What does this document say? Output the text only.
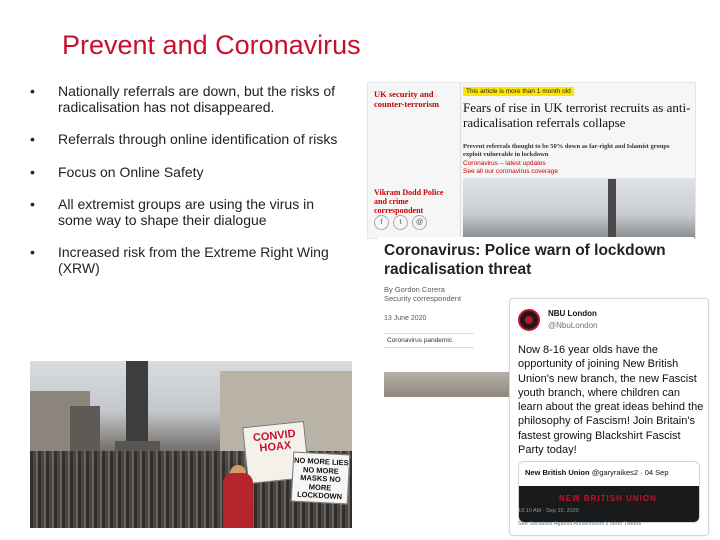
Prevent and Coronavirus
• Nationally referrals are down, but the risks of radicalisation has not disappeared.
• Referrals through online identification of risks
• Focus on Online Safety
• All extremist groups are using the virus in some way to shape their dialogue
• Increased risk from the Extreme Right Wing (XRW)
UK security and counter-terrorism
Vikram Dodd Police and crime correspondent
f	t	@
This article is more than 1 month old
Fears of rise in UK terrorist recruits as anti-radicalisation referrals collapse
Prevent referrals thought to be 50% down as far-right and Islamist groups exploit vulnerable in lockdown
Coronavirus – latest updates
See all our coronavirus coverage
Coronavirus: Police warn of lockdown radicalisation threat
By Gordon Corera
Security correspondent
13 June 2020
Coronavirus pandemic
NBU London
@NbuLondon
Now 8-16 year olds have the opportunity of joining New British Union's new branch, the new Fascist youth branch, where children can learn about the great ideas behind the philosophy of Fascism! Join Britain's fastest growing Blackshirt Fascist Party today!
New British Union @garyraikes2 · 04 Sep
NEW BRITISH UNION
10:10 AM · Sep 15, 2020
See Socialists Against Antisemitism's other Tweets
CONVID HOAX
NO MORE LIES NO MORE MASKS NO MORE LOCKDOWN
